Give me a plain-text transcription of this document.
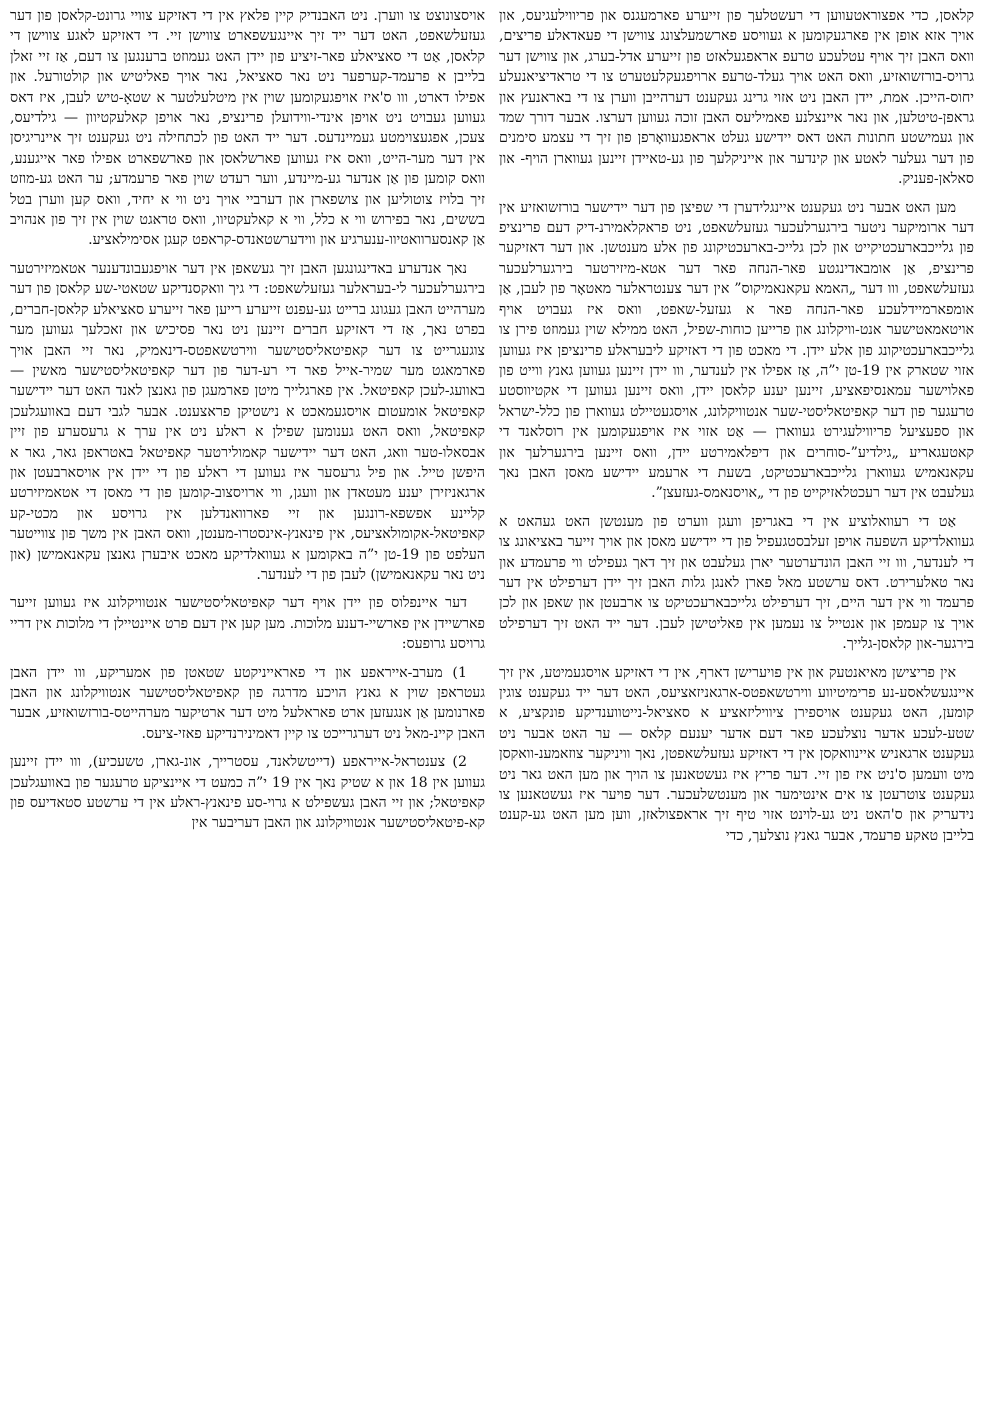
קלאסן, כדי אפצוראטעווען די רעשטלעך פון זייערע פארמעגנס און פריווילעגיעס, און אויך אזא אופן אין פארגעקומען א געוויסע פארשמעלצונג צווישן די פעאדאלע פריצים, וואס האבן זיך אויף עטלעכע טרעפ אראפגעלאזט פון זייערע אדל-בערג, און צווישן דער גרויס-בורזשואזיע, וואס האט אויך געלד-טרעפ ארויפגעקלעטערט צו די טראדיציאנעלע יחוס-הייכן. אמת, יידן האבן ניט אזוי גרינג געקענט דערהייבן ווערן צו די באראנעץ און גראפן-טיטלען, און נאר איינצלנע פאמיליעס האבן זוכה געווען דערצו. אבער דורך שמד און געמישטע חתונות האט דאס יידישע געלט אראפגעוואָרפן פון זיך די עצמע סימנים פון דער געלער לאטע און קינדער און אייניקלעך פון גע-טאיידן זיינען געווארן הויף- און סאלאן-פעניק.

מען האט אבער ניט געקענט איינגלידערן די שפיצן פון דער יידישער בורזשואזיע אין דער ארומיקער ניטער בירגערלעכער געזעלשאפט, ניט פראקלאמירנ-דיק דעם פרינציפ פון גלייכבארעכטיקייט און לכן גלייכ-בארעכטיקונג פון אלע מענטשן. און דער דאזיקער פרינציפ, אַן אומבאדינגטע פאר-הנחה פאר דער אטא-מיזירטער בירגערלעכער געזעלשאפט, ווו דער „האמא עקאנאמיקוס” אין דער צענטראלער מאטאָר פון לעבן, אַן אומפארמיידלעכע פאר-הנחה פאר א געזעל-שאפט, וואס איז געבויט אויף אויטאמאטישער אנט-וויקלונג און פרייען כוחות-שפיל, האט ממילא שוין געמוזט פירן צו גלייכבארעכטיקונג פון אלע יידן. די מאכט פון די דאזיקע ליבעראלע פרינציפן איז געווען אזוי שטארק אין 19-טן י”ה, אַז אפילו אין לענדער, ווו יידן זיינען געווען גאנץ ווייט פון פאלוישער עמאנסיפאציע, זיינען יענע קלאסן יידן, וואס זיינען געווען די אקטיווסטע טרעגער פון דער קאפיטאליסטי-שער אנטוויקלונג, אויסגעטיילט געווארן פון כלל-ישראל און ספעציעל פריווילעגירט געווארן — אַט אזוי איז אויפגעקומען אין רוסלאנד די קאטעגאריע „גילדיע”-סוחרים און דיפלאמירטע יידן, וואס זיינען בירגערלעך און עקאנאמיש געווארן גלייכבארעכטיקט, בשעת די ארעמע יידישע מאסן האבן נאך געלעבט אין דער רעכטלאזיקייט פון די „אויסנאמס-געזעצן”.

אַט די רעוואלוציע אין די באגריפן וועגן ווערט פון מענטשן האט געהאט א געוואלדיקע השפעה אויפן זעלבסטגעפיל פון די יידישע מאסן און אויך זייער באציאונג צו די לענדער, ווו זיי האבן הונדערטער יארן געלעבט און זיך דאך געפילט ווי פרעמדע און נאר טאלערירט. דאס ערשטע מאל פארן לאנגן גלות האבן זיך יידן דערפילט אין דער פרעמד ווי אין דער היים, זיך דערפילט גלייכבארעכטיקט צו ארבעטן און שאפן און לכן אויך צו קעמפן און אנטייל צו נעמען אין פאליטישן לעבן. דער ייד האט זיך דערפילט בירגער-און קלאסן-גלייך.

אין פריצישן מאיאנטעק און אין פויערישן דארף, אין די דאזיקע אויסגעמיטע, אין זיך איינגעשלאסע-נע פרימיטיווע ווירטשאפטס-ארגאניזאציעס, האט דער ייד געקענט צוגין קומען, האט געקענט אויספירן ציוויליזאציע א סאציאל-נייטווענדיקע פונקציע, א שטע-לעכע אדער נוצלעכע פאר דעם אדער יענעם קלאס — ער האט אבער ניט געקענט ארגאניש איינוואקסן אין די דאזיקע געזעלשאפטן, נאך וויניקער צוזאמענ-וואקסן מיט וועמען ס'ניט איז פון זיי. דער פריץ איז געשטאנען צו הויך און מען האט גאר ניט געקענט צוטרעטן צו אים אינטימער און מענטשלעכער. דער פויער איז געשטאנען צו נידעריק און ס'האט ניט גע-לוינט אזוי טיף זיך אראפצולאזן, ווען מען האט גע-קענט בלייבן טאקע פרעמד, אבער גאנץ נוצלעך, כדי

אויסצונוצט צו ווערן. ניט האבנדיק קיין פלאץ אין די דאזיקע צוויי גרונט-קלאסן פון דער געזעלשאפט, האט דער ייד זיך איינגעשפארט צווישן זיי. די דאזיקע לאגע צווישן די קלאסן, אַט די סאציאלע פאר-זיציע פון יידן האט געמוזט ברענגען צו דעם, אַז זיי זאלן בלייבן א פרעמד-קערפער ניט נאר סאציאל, נאר אויך פאליטיש און קולטורעל. און אפילו דארט, ווו ס'איז אויפגעקומען שוין אין מיטלעלטער א שטאָ-טיש לעבן, איז דאס געווען געבויט ניט אויפן אינדי-ווידועלן פרינציפ, נאר אויפן קאלעקטיוון — גילדיעס, צעכן, אפגעצוימטע געמיינדעס. דער ייד האט פון לכתחילה ניט געקענט זיך איינריגיסן אין דער מער-הייט, וואס איז געווען פארשלאסן און פארשפארט אפילו פאר אייגענע, וואס קומען פון אַן אנדער גע-מיינדע, ווער רעדט שוין פאר פרעמדע; ער האט גע-מוזט זיך בלויז צוטוליען און צושפארן און דערביי אויך ניט ווי א יחיד, וואס קען ווערן בטל בששים, נאר בפירוש ווי א כלל, ווי א קאלעקטיוו, וואס טראגט שוין אין זיך פון אנהויב אַן קאנסערוואטיוו-ענערגיע און ווידערשטאנדס-קראפט קעגן אסימילאציע.

נאך אנדערע באדינגונגען האבן זיך געשאפן אין דער אויפגעבונדענער אטאמיזירטער בירגערלעכער לי-בעראלער געזעלשאפט: די גיך וואקסנדיקע שטאטי-שע קלאסן פון דער מערהייט האבן געגונג ברייט גע-עפנט זייערע רייען פאר זייערע סאציאלע קלאסן-חברים, בפרט נאך, אַז די דאזיקע חברים זיינען ניט נאר פסיכיש און זאכלעך געווען מער צוגעגרייט צו דער קאפיטאליסטישער ווירטשאפטס-דינאמיק, נאר זיי האבן אויך פארמאגט מער שמיר-אייל פאר די רע-דער פון דער קאפיטאליסטישער מאשין — באוועג-לעכן קאפיטאל. אין פארגלייך מיטן פארמעגן פון גאנצן לאנד האט דער יידישער קאפיטאל אומעטום אויסגעמאכט א נישטיקן פראצענט. אבער לגבי דעם באוועגלעכן קאפיטאל, וואס האט גענומען שפילן א ראלע ניט אין ערך א גרעסערע פון זיין אבסאלו-טער וואג, האט דער יידישער קאמולירטער קאפיטאל באטראפן גאר, גאר א היפשן טייל. און פיל גרעסער איז געווען די ראלע פון די יידן אין אויסארבעטן און ארגאניזירן יענע מעטאדן און וועגן, ווי ארויסצוב-קומען פון די מאסן די אטאמיזירטע קליינע אפשפא-רונגען און זיי פארוואנדלען אין גרויסע און מכטי-קע קאפיטאל-אקומולאציעס, אין פינאנץ-אינסטרו-מענטן, וואס האבן אין משך פון צווייטער העלפט פון 19-טן י”ה באקומען א געוואלדיקע מאכט איבערן גאנצן עקאנאמישן (און ניט נאר עקאנאמישן) לעבן פון די לענדער.

דער איינפלוס פון יידן אויף דער קאפיטאליסטישער אנטוויקלונג איז געווען זייער פארשיידן אין פארשיי-דענע מלוכות. מען קען אין דעם פרט איינטיילן די מלוכות אין דריי גרויסע גרופעס:

1) מערב-אייראפע און די פאראייניקטע שטאטן פון אמעריקע, ווו יידן האבן געטראפן שוין א גאנץ הויכע מדרגה פון קאפיטאליסטישער אנטוויקלונג און האבן פארנומען אַן אנגעזען ארט פאראלעל מיט דער ארטיקער מערהייטס-בורזשואזיע, אבער האבן קיינ-מאל ניט דערגרייכט צו קיין דאמינירנדיקע פאזי-ציעס.

2) צענטראל-אייראפע (דייטשלאנד, עסטרייך, אונ-גארן, טשעכיע), ווו יידן זיינען געווען אין 18 און א שטיק נאך אין 19 י”ה כמעט די איינציקע טרעגער פון באוועגלעכן קאפיטאל; און זיי האבן געשפילט א גרוי-סע פינאנץ-ראלע אין די ערשטע סטאדיעס פון קא-פיטאליסטישער אנטוויקלונג און האבן דעריבער אין
